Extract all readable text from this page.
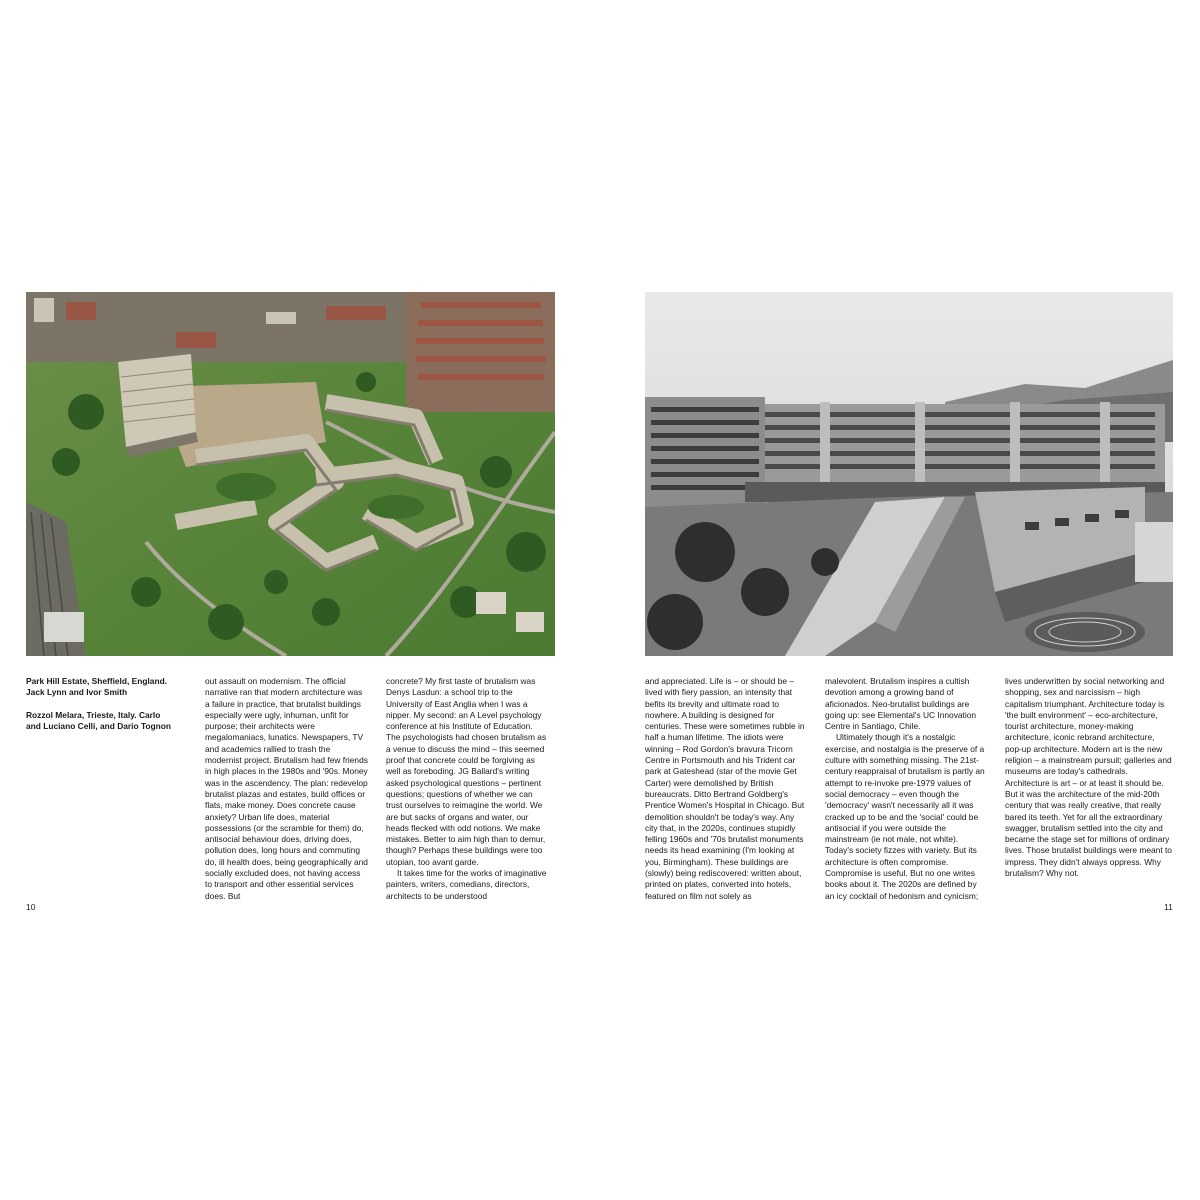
Park Hill Estate, Sheffield, England. Jack Lynn and Ivor Smith

Rozzol Melara, Trieste, Italy. Carlo and Luciano Celli, and Dario Tognon

out assault on modernism. The official narrative ran that modern architecture was a failure in practice, that brutalist buildings especially were ugly, inhuman, unfit for purpose; their architects were megalomaniacs, lunatics. Newspapers, TV and academics rallied to trash the modernist project. Brutalism had few friends in high places in the 1980s and '90s. Money was in the ascendency. The plan: redevelop brutalist plazas and estates, build offices or flats, make money. Does concrete cause anxiety? Urban life does, material possessions (or the scramble for them) do, antisocial behaviour does, driving does, pollution does, long hours and commuting do, ill health does, being geographically and socially excluded does, not having access to transport and other essential services does. But

concrete? My first taste of brutalism was Denys Lasdun: a school trip to the University of East Anglia when I was a nipper. My second: an A Level psychology conference at his Institute of Education. The psychologists had chosen brutalism as a venue to discuss the mind – this seemed proof that concrete could be forgiving as well as foreboding. JG Ballard's writing asked psychological questions – pertinent questions; questions of whether we can trust ourselves to reimagine the world. We are but sacks of organs and water, our heads flecked with odd notions. We make mistakes. Better to aim high than to demur, though? Perhaps these buildings were too utopian, too avant garde.

It takes time for the works of imaginative painters, writers, comedians, directors, architects to be understood

and appreciated. Life is – or should be – lived with fiery passion, an intensity that befits its brevity and ultimate road to nowhere. A building is designed for centuries. These were sometimes rubble in half a human lifetime. The idiots were winning – Rod Gordon's bravura Tricorn Centre in Portsmouth and his Trident car park at Gateshead (star of the movie Get Carter) were demolished by British bureaucrats. Ditto Bertrand Goldberg's Prentice Women's Hospital in Chicago. But demolition shouldn't be today's way. Any city that, in the 2020s, continues stupidly felling 1960s and '70s brutalist monuments needs its head examining (I'm looking at you, Birmingham). These buildings are (slowly) being rediscovered: written about, printed on plates, converted into hotels, featured on film not solely as

malevolent. Brutalism inspires a cultish devotion among a growing band of aficionados. Neo-brutalist buildings are going up: see Elemental's UC Innovation Centre in Santiago, Chile.

Ultimately though it's a nostalgic exercise, and nostalgia is the preserve of a culture with something missing. The 21st-century reappraisal of brutalism is partly an attempt to re-invoke pre-1979 values of social democracy – even though the 'democracy' wasn't necessarily all it was cracked up to be and the 'social' could be antisocial if you were outside the mainstream (ie not male, not white). Today's society fizzes with variety. But its architecture is often compromise. Compromise is useful. But no one writes books about it. The 2020s are defined by an icy cocktail of hedonism and cynicism;

lives underwritten by social networking and shopping, sex and narcissism – high capitalism triumphant. Architecture today is 'the built environment' – eco-architecture, tourist architecture, money-making architecture, iconic rebrand architecture, pop-up architecture. Modern art is the new religion – a mainstream pursuit; galleries and museums are today's cathedrals. Architecture is art – or at least it should be. But it was the architecture of the mid-20th century that was really creative, that really bared its teeth. Yet for all the extraordinary swagger, brutalism settled into the city and became the stage set for millions of ordinary lives. Those brutalist buildings were meant to impress. They didn't always oppress. Why brutalism? Why not.

10	11
